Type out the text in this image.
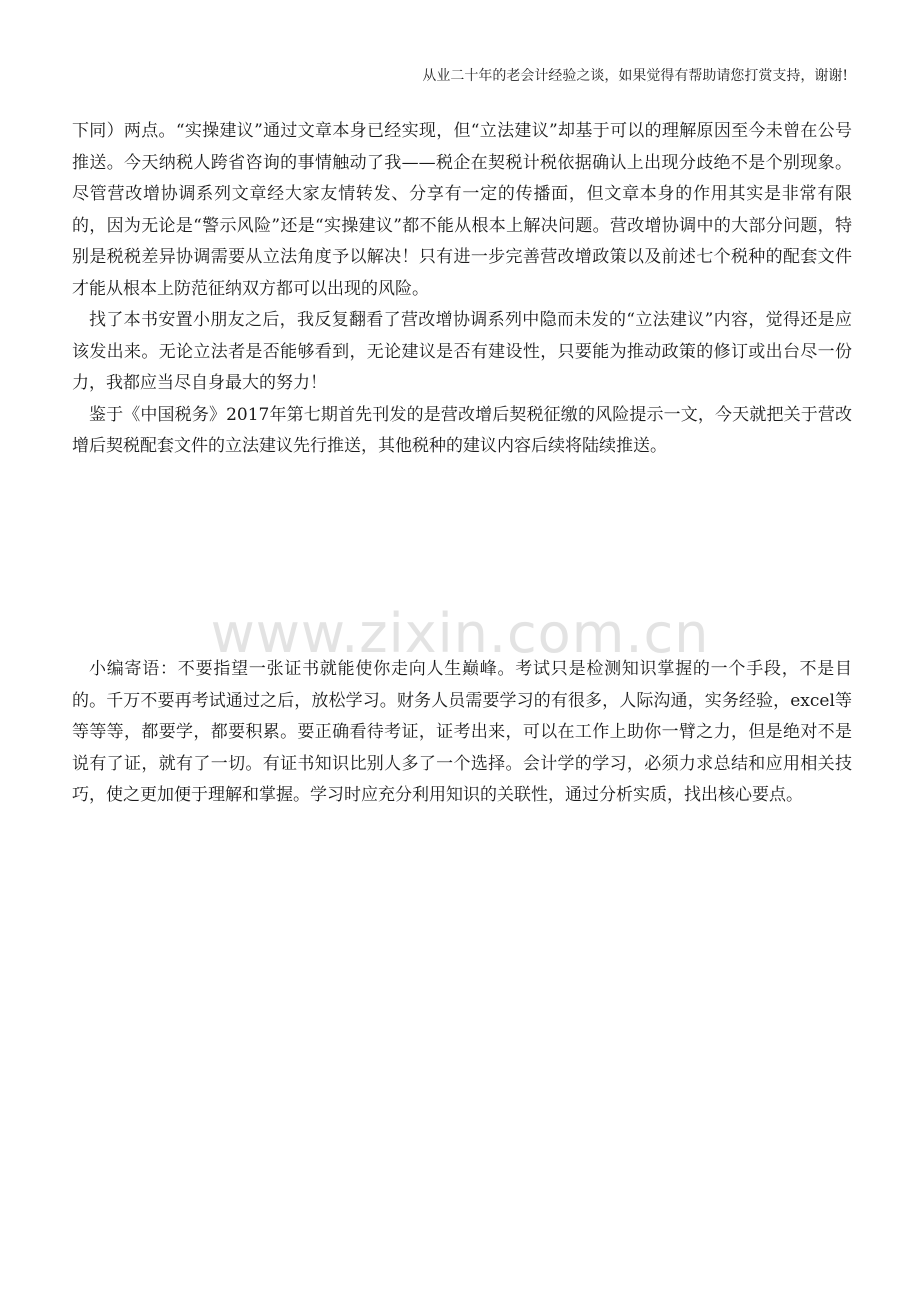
从业二十年的老会计经验之谈，如果觉得有帮助请您打赏支持，谢谢!

下同）两点。“实操建议”通过文章本身已经实现，但“立法建议”却基于可以的理解原因至今未曾在公号推送。今天纳税人跨省咨询的事情触动了我——税企在契税计税依据确认上出现分歧绝不是个别现象。尽管营改增协调系列文章经大家友情转发、分享有一定的传播面，但文章本身的作用其实是非常有限的，因为无论是“警示风险”还是“实操建议”都不能从根本上解决问题。营改增协调中的大部分问题，特别是税税差异协调需要从立法角度予以解决！只有进一步完善营改增政策以及前述七个税种的配套文件才能从根本上防范征纳双方都可以出现的风险。

找了本书安置小朋友之后，我反复翻看了营改增协调系列中隐而未发的“立法建议”内容，觉得还是应该发出来。无论立法者是否能够看到，无论建议是否有建设性，只要能为推动政策的修订或出台尽一份力，我都应当尽自身最大的努力！

鉴于《中国税务》2017年第七期首先刊发的是营改增后契税征缴的风险提示一文，今天就把关于营改增后契税配套文件的立法建议先行推送，其他税种的建议内容后续将陆续推送。

www.zixin.com.cn

小编寄语：不要指望一张证书就能使你走向人生巅峰。考试只是检测知识掌握的一个手段，不是目的。千万不要再考试通过之后，放松学习。财务人员需要学习的有很多，人际沟通，实务经验，excel等等等等，都要学，都要积累。要正确看待考证，证考出来，可以在工作上助你一臂之力，但是绝对不是说有了证，就有了一切。有证书知识比别人多了一个选择。会计学的学习，必须力求总结和应用相关技巧，使之更加便于理解和掌握。学习时应充分利用知识的关联性，通过分析实质，找出核心要点。
